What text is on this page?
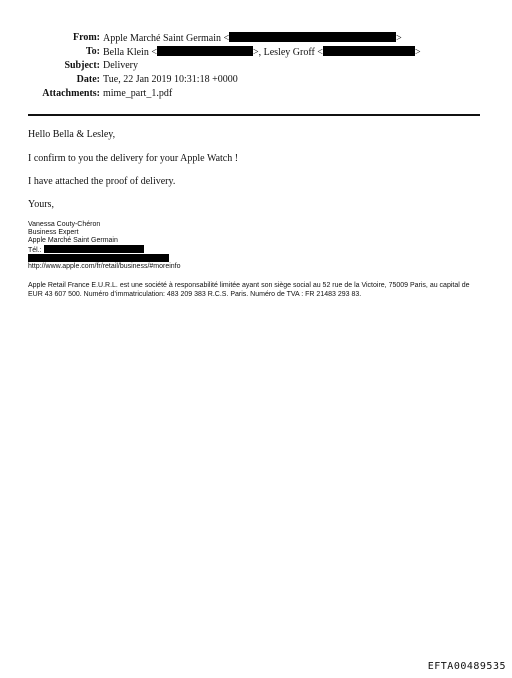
From: Apple Marché Saint Germain <	>
To: Bella Klein <	>, Lesley Groff <	>
Subject: Delivery
Date: Tue, 22 Jan 2019 10:31:18 +0000
Attachments: mime_part_1.pdf
Hello Bella & Lesley,
I confirm to you the delivery for your Apple Watch !
I have attached the proof of delivery.
Yours,
Vanessa Couty-Chéron
Business Expert
Apple Marché Saint Germain
Tél.:
http://www.apple.com/fr/retail/business/#moreinfo
Apple Retail France E.U.R.L. est une société à responsabilité limitée ayant son siège social au 52 rue de la Victoire, 75009 Paris, au capital de EUR 43 607 500. Numéro d’immatriculation: 483 209 383 R.C.S. Paris. Numéro de TVA : FR 21483 293 83.
EFTA00489535
